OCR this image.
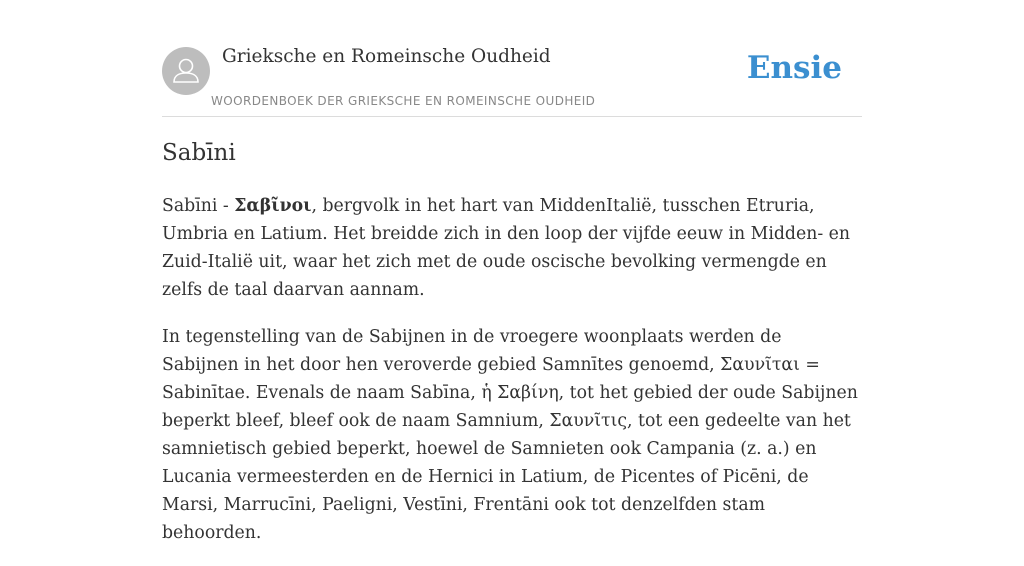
Grieksche en Romeinsche Oudheid
WOORDENBOEK DER GRIEKSCHE EN ROMEINSCHE OUDHEID
Ensie
Sabīni

Sabīni - Σαβῖνοι, bergvolk in het hart van MiddenItalië, tusschen Etruria, Umbria en Latium. Het breidde zich in den loop der vijfde eeuw in Midden- en Zuid-Italië uit, waar het zich met de oude oscische bevolking vermengde en zelfs de taal daarvan aannam.

In tegenstelling van de Sabijnen in de vroegere woonplaats werden de Sabijnen in het door hen veroverde gebied Samnītes genoemd, Σαυνῖται = Sabinītae. Evenals de naam Sabīna, ἡ Σαβίνη, tot het gebied der oude Sabijnen beperkt bleef, bleef ook de naam Samnium, Σαυνῖτις, tot een gedeelte van het samnietisch gebied beperkt, hoewel de Samnieten ook Campania (z. a.) en Lucania vermeesterden en de Hernici in Latium, de Picentes of Picēni, de Marsi, Marrucīni, Paeligni, Vestīni, Frentāni ook tot denzelfden stam behoorden.
